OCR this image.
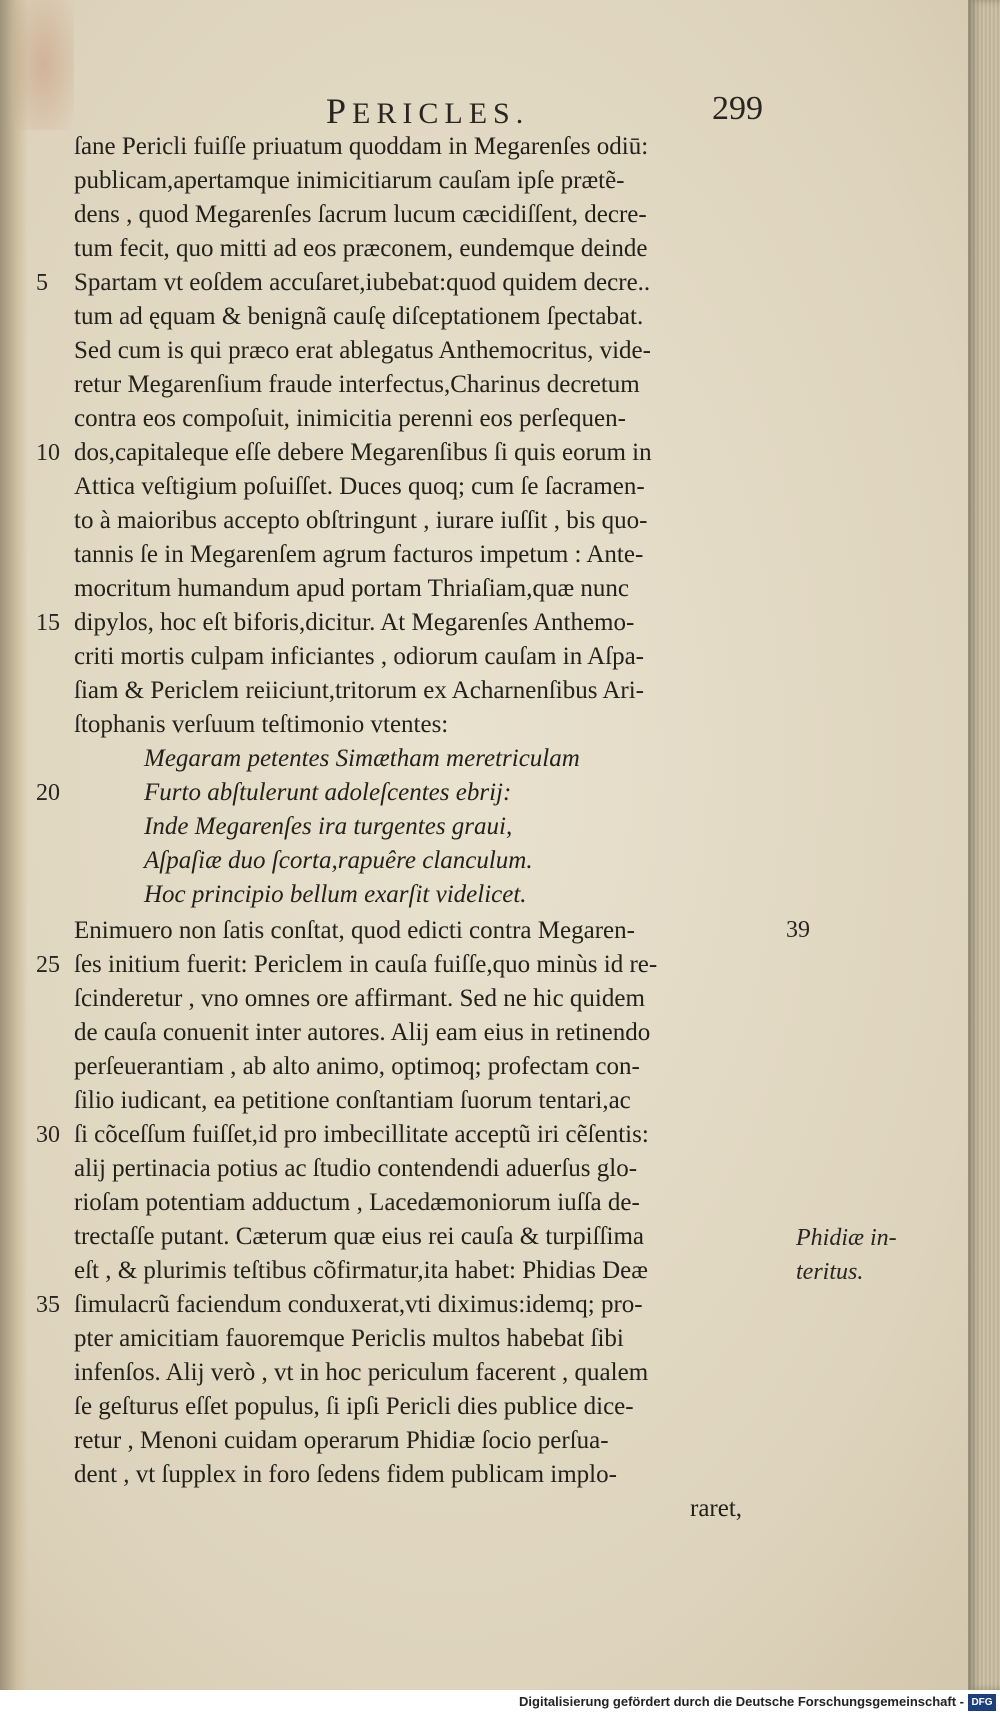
PERICLES.	299
ſane Pericli fuiſſe priuatum quoddam in Megarenſes odiū:
publicam,apertamque inimicitiarum cauſam ipſe prætẽ-
dens , quod Megarenſes ſacrum lucum cæcidiſſent, decre-
tum fecit, quo mitti ad eos præconem, eundemque deinde
Spartam vt eoſdem accuſaret,iubebat:quod quidem decre..
tum ad ęquam & benignã cauſę diſceptationem ſpectabat.
Sed cum is qui præco erat ablegatus Anthemocritus, vide-
retur Megarenſium fraude interfectus,Charinus decretum
contra eos compoſuit, inimicitia perenni eos perſequen-
dos,capitaleque eſſe debere Megarenſibus ſi quis eorum in
Attica veſtigium poſuiſſet. Duces quoq; cum ſe ſacramen-
to à maioribus accepto obſtringunt , iurare iuſſit , bis quo-
tannis ſe in Megarenſem agrum facturos impetum : Ante-
mocritum humandum apud portam Thriaſiam,quæ nunc
dipylos, hoc eſt biforis,dicitur. At Megarenſes Anthemo-
criti mortis culpam inficiantes , odiorum cauſam in Aſpa-
ſiam & Periclem reiiciunt,tritorum ex Acharnenſibus Ari-
ſtophanis verſuum teſtimonio vtentes:
Megaram petentes Simætham meretriculam
Furto abſtulerunt adoleſcentes ebrij:
Inde Megarenſes ira turgentes graui,
Aſpaſiæ duo ſcorta,rapuêre clanculum.
Hoc principio bellum exarſit videlicet.
Enimuero non ſatis conſtat, quod edicti contra Megaren-
ſes initium fuerit: Periclem in cauſa fuiſſe,quo minùs id re-
ſcinderetur , vno omnes ore affirmant. Sed ne hic quidem
de cauſa conuenit inter autores. Alij eam eius in retinendo
perſeuerantiam , ab alto animo, optimoq; profectam con-
ſilio iudicant, ea petitione conſtantiam ſuorum tentari,ac
ſi cõceſſum fuiſſet,id pro imbecillitate acceptũ iri cẽſentis:
alij pertinacia potius ac ſtudio contendendi aduerſus glo-
rioſam potentiam adductum , Lacedæmoniorum iuſſa de-
trectaſſe putant. Cæterum quæ eius rei cauſa & turpiſſima
eſt , & plurimis teſtibus cõfirmatur,ita habet: Phidias Deæ
ſimulacrũ faciendum conduxerat,vti diximus:idemq; pro-
pter amicitiam fauoremque Periclis multos habebat ſibi
infenſos. Alij verò , vt in hoc periculum facerent , qualem
ſe geſturus eſſet populus, ſi ipſi Pericli dies publice dice-
retur , Menoni cuidam operarum Phidiæ ſocio perſua-
dent , vt ſupplex in foro ſedens fidem publicam implo-
raret,
5
10
15
20
25
30
35
39
Phidiæ in-
teritus.
Digitalisierung gefördert durch die Deutsche Forschungsgemeinschaft - DFG
